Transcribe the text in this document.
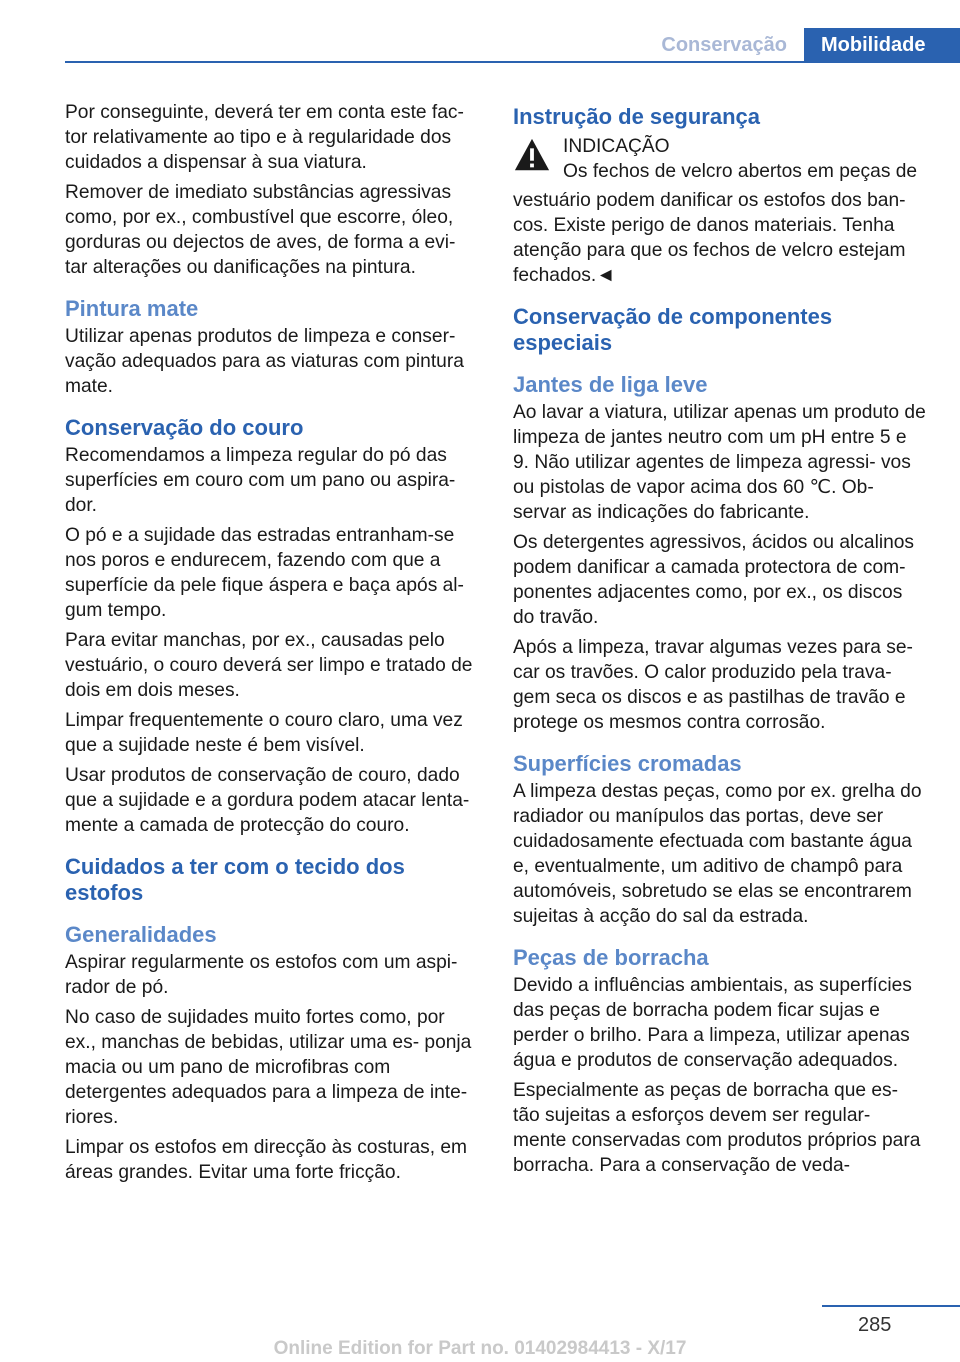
Conservação	Mobilidade

Por conseguinte, deverá ter em conta este fac‐ tor relativamente ao tipo e à regularidade dos cuidados a dispensar à sua viatura.

Remover de imediato substâncias agressivas como, por ex., combustível que escorre, óleo, gorduras ou dejectos de aves, de forma a evi‐ tar alterações ou danificações na pintura.

Pintura mate

Utilizar apenas produtos de limpeza e conser‐ vação adequados para as viaturas com pintura mate.

Conservação do couro

Recomendamos a limpeza regular do pó das superfícies em couro com um pano ou aspira‐ dor.

O pó e a sujidade das estradas entranham-se nos poros e endurecem, fazendo com que a superfície da pele fique áspera e baça após al‐ gum tempo.

Para evitar manchas, por ex., causadas pelo vestuário, o couro deverá ser limpo e tratado de dois em dois meses.

Limpar frequentemente o couro claro, uma vez que a sujidade neste é bem visível.

Usar produtos de conservação de couro, dado que a sujidade e a gordura podem atacar lenta‐ mente a camada de protecção do couro.

Cuidados a ter com o tecido dos estofos
Generalidades

Aspirar regularmente os estofos com um aspi‐ rador de pó.

No caso de sujidades muito fortes como, por ex., manchas de bebidas, utilizar uma es‐ ponja macia ou um pano de microfibras com detergentes adequados para a limpeza de inte‐ riores.

Limpar os estofos em direcção às costuras, em áreas grandes. Evitar uma forte fricção.

Instrução de segurança
INDICAÇÃO
Os fechos de velcro abertos em peças de

vestuário podem danificar os estofos dos ban‐ cos. Existe perigo de danos materiais. Tenha atenção para que os fechos de velcro estejam fechados.◄

Conservação de componentes especiais
Jantes de liga leve

Ao lavar a viatura, utilizar apenas um produto de limpeza de jantes neutro com um pH entre 5 e 9. Não utilizar agentes de limpeza agressi‐ vos ou pistolas de vapor acima dos 60 ℃. Ob‐ servar as indicações do fabricante.

Os detergentes agressivos, ácidos ou alcalinos podem danificar a camada protectora de com‐ ponentes adjacentes como, por ex., os discos do travão.

Após a limpeza, travar algumas vezes para se‐ car os travões. O calor produzido pela trava‐ gem seca os discos e as pastilhas de travão e protege os mesmos contra corrosão.

Superfícies cromadas

A limpeza destas peças, como por ex. grelha do radiador ou manípulos das portas, deve ser cuidadosamente efectuada com bastante água e, eventualmente, um aditivo de champô para automóveis, sobretudo se elas se encontrarem sujeitas à acção do sal da estrada.

Peças de borracha

Devido a influências ambientais, as superfícies das peças de borracha podem ficar sujas e perder o brilho. Para a limpeza, utilizar apenas água e produtos de conservação adequados.

Especialmente as peças de borracha que es‐ tão sujeitas a esforços devem ser regular‐ mente conservadas com produtos próprios para borracha. Para a conservação de veda‐

285
Online Edition for Part no. 01402984413 - X/17
